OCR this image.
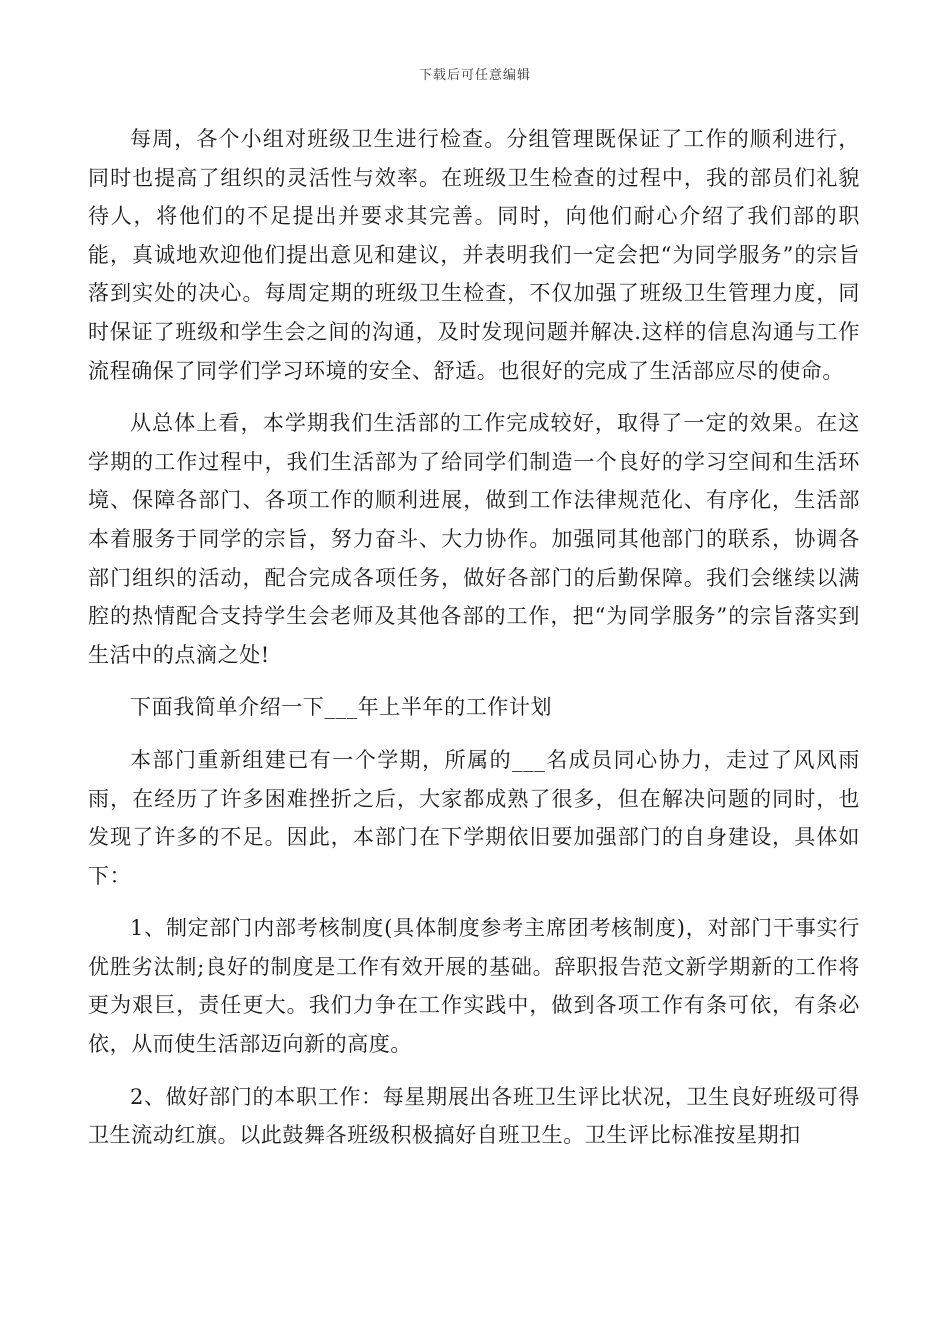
下载后可任意编辑

每周，各个小组对班级卫生进行检查。分组管理既保证了工作的顺利进行，同时也提高了组织的灵活性与效率。在班级卫生检查的过程中，我的部员们礼貌待人，将他们的不足提出并要求其完善。同时，向他们耐心介绍了我们部的职能，真诚地欢迎他们提出意见和建议，并表明我们一定会把“为同学服务”的宗旨落到实处的决心。每周定期的班级卫生检查，不仅加强了班级卫生管理力度，同时保证了班级和学生会之间的沟通，及时发现问题并解决.这样的信息沟通与工作流程确保了同学们学习环境的安全、舒适。也很好的完成了生活部应尽的使命。

从总体上看，本学期我们生活部的工作完成较好，取得了一定的效果。在这学期的工作过程中，我们生活部为了给同学们制造一个良好的学习空间和生活环境、保障各部门、各项工作的顺利进展，做到工作法律规范化、有序化，生活部本着服务于同学的宗旨，努力奋斗、大力协作。加强同其他部门的联系，协调各部门组织的活动，配合完成各项任务，做好各部门的后勤保障。我们会继续以满腔的热情配合支持学生会老师及其他各部的工作，把“为同学服务”的宗旨落实到生活中的点滴之处!

下面我简单介绍一下___年上半年的工作计划

本部门重新组建已有一个学期，所属的___名成员同心协力，走过了风风雨雨，在经历了许多困难挫折之后，大家都成熟了很多，但在解决问题的同时，也发现了许多的不足。因此，本部门在下学期依旧要加强部门的自身建设，具体如下：

1、制定部门内部考核制度(具体制度参考主席团考核制度)，对部门干事实行优胜劣汰制;良好的制度是工作有效开展的基础。辞职报告范文新学期新的工作将更为艰巨，责任更大。我们力争在工作实践中，做到各项工作有条可依，有条必依，从而使生活部迈向新的高度。

2、做好部门的本职工作：每星期展出各班卫生评比状况，卫生良好班级可得卫生流动红旗。以此鼓舞各班级积极搞好自班卫生。卫生评比标准按星期扣
